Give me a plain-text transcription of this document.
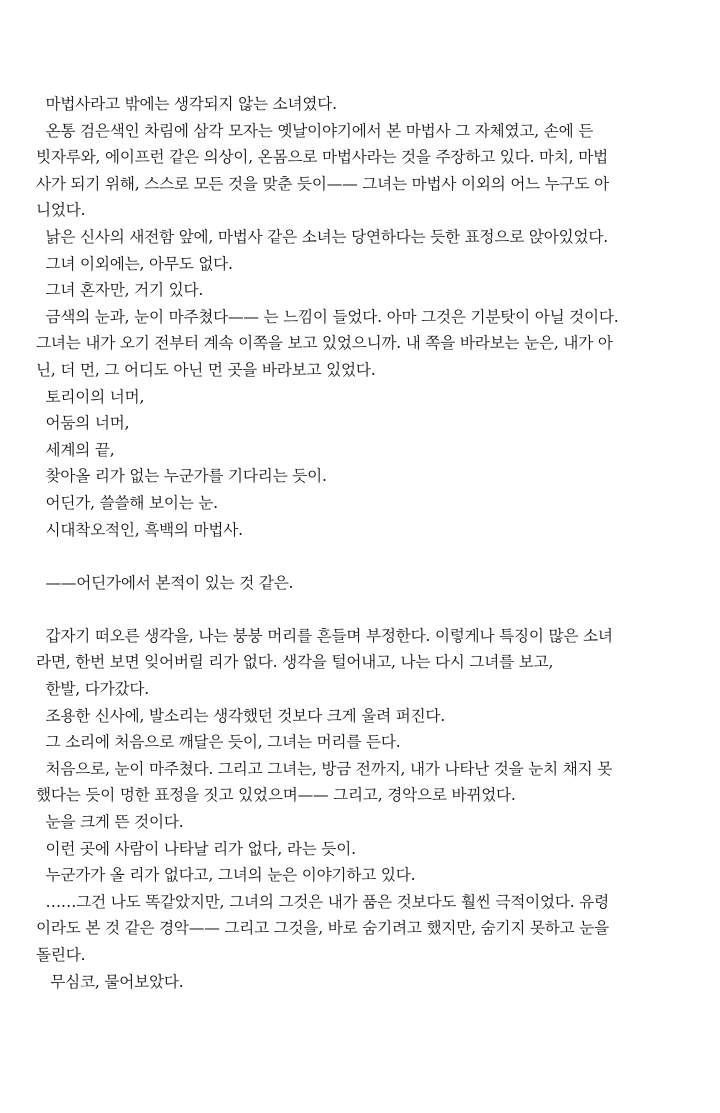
마법사라고 밖에는 생각되지 않는 소녀였다.
온통 검은색인 차림에 삼각 모자는 옛날이야기에서 본 마법사 그 자체였고, 손에 든
빗자루와, 에이프런 같은 의상이, 온몸으로 마법사라는 것을 주장하고 있다. 마치, 마법
사가 되기 위해, 스스로 모든 것을 맞춘 듯이—— 그녀는 마법사 이외의 어느 누구도 아
니었다.
낡은 신사의 새전함 앞에, 마법사 같은 소녀는 당연하다는 듯한 표정으로 앉아있었다.
그녀 이외에는, 아무도 없다.
그녀 혼자만, 거기 있다.
금색의 눈과, 눈이 마주쳤다—— 는 느낌이 들었다. 아마 그것은 기분탓이 아닐 것이다.
그녀는 내가 오기 전부터 계속 이쪽을 보고 있었으니까. 내 쪽을 바라보는 눈은, 내가 아
닌, 더 먼, 그 어디도 아닌 먼 곳을 바라보고 있었다.
토리이의 너머,
어둠의 너머,
세계의 끝,
찾아올 리가 없는 누군가를 기다리는 듯이.
어딘가, 쓸쓸해 보이는 눈.
시대착오적인, 흑백의 마법사.
——어딘가에서 본적이 있는 것 같은.
갑자기 떠오른 생각을, 나는 붕붕 머리를 흔들며 부정한다. 이렇게나 특징이 많은 소녀
라면, 한번 보면 잊어버릴 리가 없다. 생각을 털어내고, 나는 다시 그녀를 보고,
한발, 다가갔다.
조용한 신사에, 발소리는 생각했던 것보다 크게 울려 퍼진다.
그 소리에 처음으로 깨달은 듯이, 그녀는 머리를 든다.
처음으로, 눈이 마주쳤다. 그리고 그녀는, 방금 전까지, 내가 나타난 것을 눈치 채지 못
했다는 듯이 멍한 표정을 짓고 있었으며—— 그리고, 경악으로 바뀌었다.
눈을 크게 뜬 것이다.
이런 곳에 사람이 나타날 리가 없다, 라는 듯이.
누군가가 올 리가 없다고, 그녀의 눈은 이야기하고 있다.
……그건 나도 똑같았지만, 그녀의 그것은 내가 품은 것보다도 훨씬 극적이었다. 유령
이라도 본 것 같은 경악—— 그리고 그것을, 바로 숨기려고 했지만, 숨기지 못하고 눈을
돌린다.
무심코, 물어보았다.
